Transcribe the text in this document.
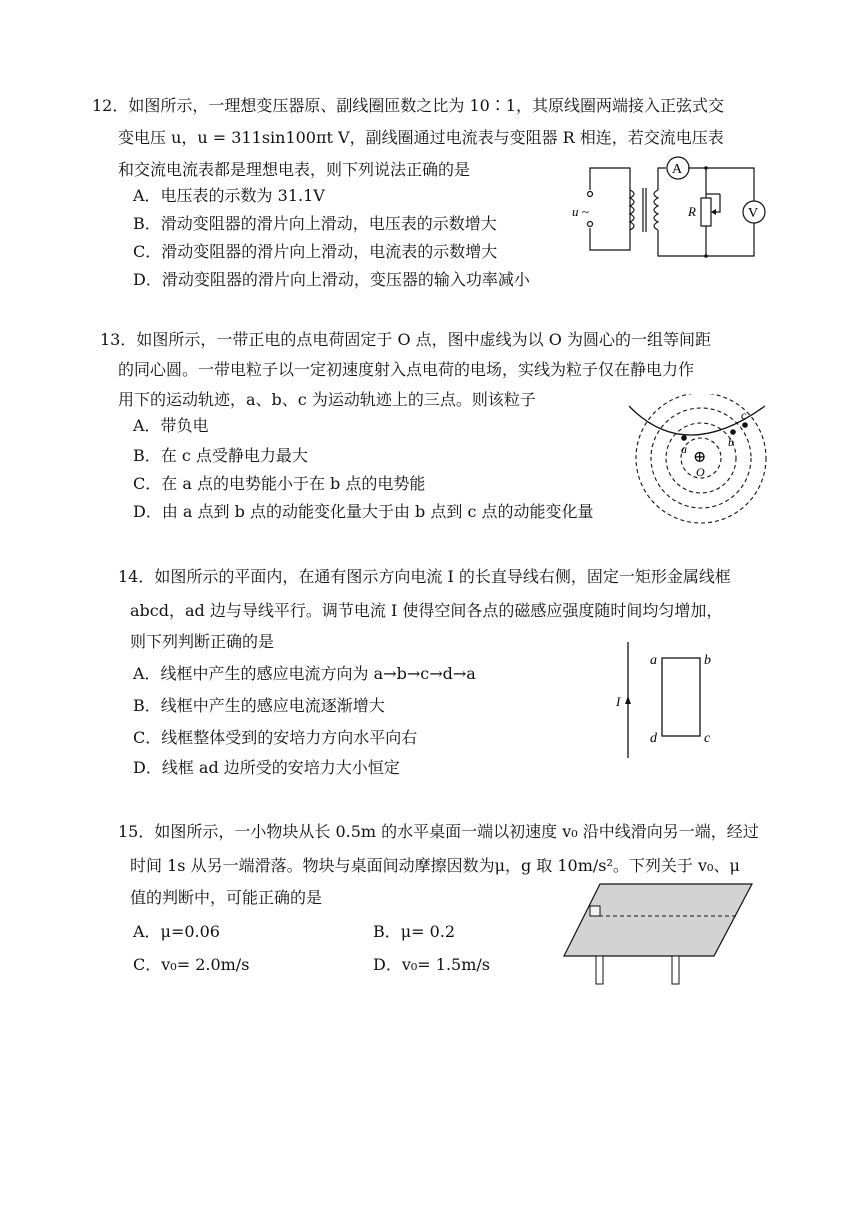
12．如图所示，一理想变压器原、副线圈匝数之比为 10∶1，其原线圈两端接入正弦式交
变电压 u，u = 311sin100πt V，副线圈通过电流表与变阻器 R 相连，若交流电压表
和交流电流表都是理想电表，则下列说法正确的是
A．电压表的示数为 31.1V
B．滑动变阻器的滑片向上滑动，电压表的示数增大
C．滑动变阻器的滑片向上滑动，电流表的示数增大
D．滑动变阻器的滑片向上滑动，变压器的输入功率减小
u ~
A
V
R
13．如图所示，一带正电的点电荷固定于 O 点，图中虚线为以 O 为圆心的一组等间距
的同心圆。一带电粒子以一定初速度射入点电荷的电场，实线为粒子仅在静电力作
用下的运动轨迹，a、b、c 为运动轨迹上的三点。则该粒子
A．带负电
B．在 c 点受静电力最大
C．在 a 点的电势能小于在 b 点的电势能
D．由 a 点到 b 点的动能变化量大于由 b 点到 c 点的动能变化量
a	b
c
⊕
O
14．如图所示的平面内，在通有图示方向电流 I 的长直导线右侧，固定一矩形金属线框
abcd，ad 边与导线平行。调节电流 I 使得空间各点的磁感应强度随时间均匀增加，
则下列判断正确的是
A．线框中产生的感应电流方向为 a→b→c→d→a
B．线框中产生的感应电流逐渐增大
C．线框整体受到的安培力方向水平向右
D．线框 ad 边所受的安培力大小恒定
I
a	b
c
d
15．如图所示，一小物块从长 0.5m 的水平桌面一端以初速度 v₀ 沿中线滑向另一端，经过
时间 1s 从另一端滑落。物块与桌面间动摩擦因数为μ，g 取 10m/s²。下列关于 v₀、μ
值的判断中，可能正确的是
A．μ=0.06	B．μ= 0.2
C．v₀= 2.0m/s	D．v₀= 1.5m/s
